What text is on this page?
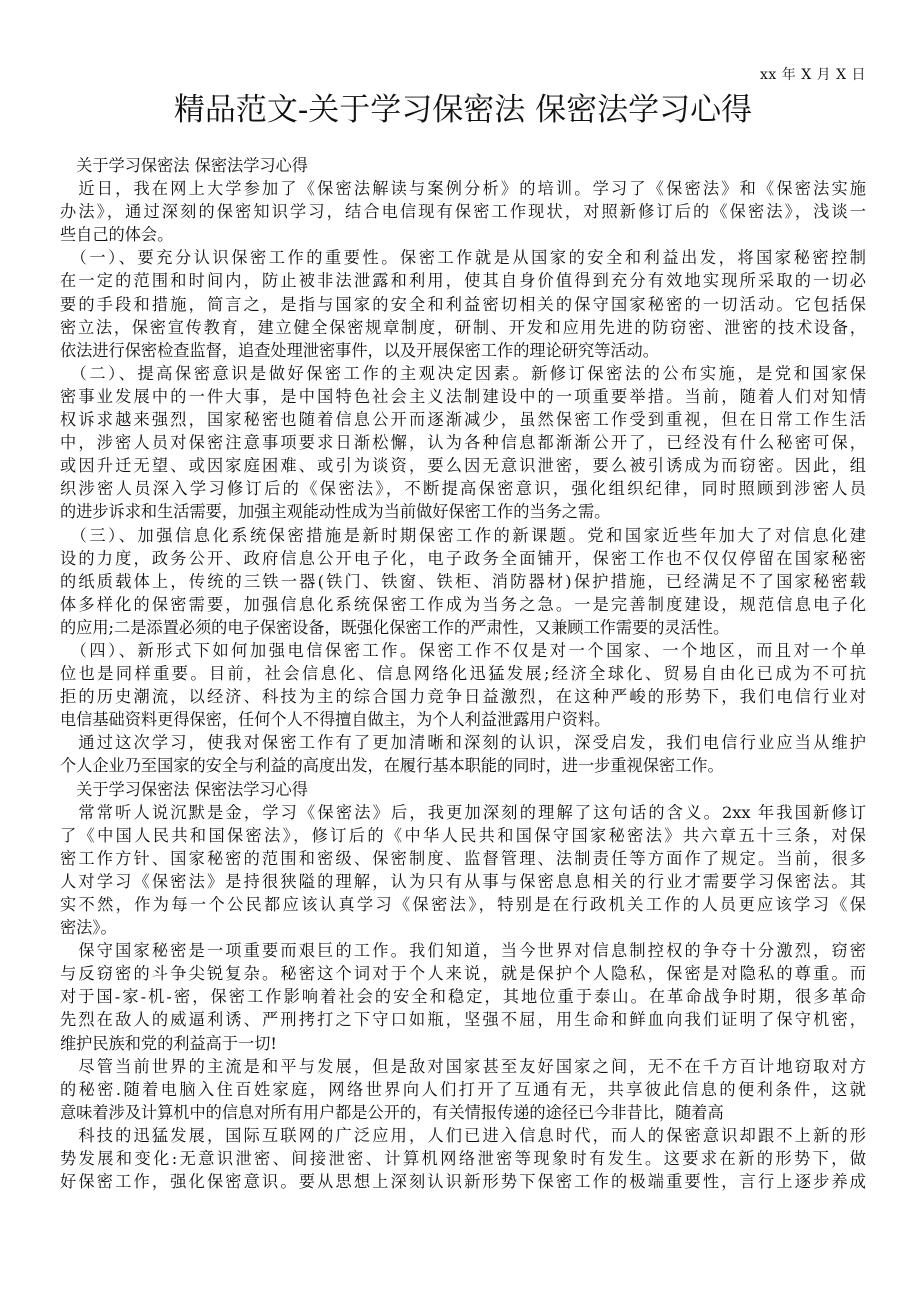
xx 年 X 月 X 日
精品范文-关于学习保密法 保密法学习心得
　关于学习保密法 保密法学习心得
　近日，我在网上大学参加了《保密法解读与案例分析》的培训。学习了《保密法》和《保密法实施
办法》，通过深刻的保密知识学习，结合电信现有保密工作现状，对照新修订后的《保密法》，浅谈一
些自己的体会。
　（一）、要充分认识保密工作的重要性。保密工作就是从国家的安全和利益出发，将国家秘密控制
在一定的范围和时间内，防止被非法泄露和利用，使其自身价值得到充分有效地实现所采取的一切必
要的手段和措施，简言之，是指与国家的安全和利益密切相关的保守国家秘密的一切活动。它包括保
密立法，保密宣传教育，建立健全保密规章制度，研制、开发和应用先进的防窃密、泄密的技术设备，
依法进行保密检查监督，追查处理泄密事件，以及开展保密工作的理论研究等活动。
　（二）、提高保密意识是做好保密工作的主观决定因素。新修订保密法的公布实施，是党和国家保
密事业发展中的一件大事，是中国特色社会主义法制建设中的一项重要举措。当前，随着人们对知情
权诉求越来强烈，国家秘密也随着信息公开而逐渐减少，虽然保密工作受到重视，但在日常工作生活
中，涉密人员对保密注意事项要求日渐松懈，认为各种信息都渐渐公开了，已经没有什么秘密可保，
或因升迁无望、或因家庭困难、或引为谈资，要么因无意识泄密，要么被引诱成为而窃密。因此，组
织涉密人员深入学习修订后的《保密法》，不断提高保密意识，强化组织纪律，同时照顾到涉密人员
的进步诉求和生活需要，加强主观能动性成为当前做好保密工作的当务之需。
　（三）、加强信息化系统保密措施是新时期保密工作的新课题。党和国家近些年加大了对信息化建
设的力度，政务公开、政府信息公开电子化，电子政务全面铺开，保密工作也不仅仅停留在国家秘密
的纸质载体上，传统的三铁一器(铁门、铁窗、铁柜、消防器材)保护措施，已经满足不了国家秘密载
体多样化的保密需要，加强信息化系统保密工作成为当务之急。一是完善制度建设，规范信息电子化
的应用;二是添置必须的电子保密设备，既强化保密工作的严肃性，又兼顾工作需要的灵活性。
　（四）、新形式下如何加强电信保密工作。保密工作不仅是对一个国家、一个地区，而且对一个单
位也是同样重要。目前，社会信息化、信息网络化迅猛发展;经济全球化、贸易自由化已成为不可抗
拒的历史潮流，以经济、科技为主的综合国力竞争日益激烈，在这种严峻的形势下，我们电信行业对
电信基础资料更得保密，任何个人不得擅自做主，为个人利益泄露用户资料。
　通过这次学习，使我对保密工作有了更加清晰和深刻的认识，深受启发，我们电信行业应当从维护
个人企业乃至国家的安全与利益的高度出发，在履行基本职能的同时，进一步重视保密工作。
　关于学习保密法 保密法学习心得
　常常听人说沉默是金，学习《保密法》后，我更加深刻的理解了这句话的含义。2xx 年我国新修订
了《中国人民共和国保密法》，修订后的《中华人民共和国保守国家秘密法》共六章五十三条，对保
密工作方针、国家秘密的范围和密级、保密制度、监督管理、法制责任等方面作了规定。当前，很多
人对学习《保密法》是持很狭隘的理解，认为只有从事与保密息息相关的行业才需要学习保密法。其
实不然，作为每一个公民都应该认真学习《保密法》，特别是在行政机关工作的人员更应该学习《保
密法》。
　保守国家秘密是一项重要而艰巨的工作。我们知道，当今世界对信息制控权的争夺十分激烈，窃密
与反窃密的斗争尖锐复杂。秘密这个词对于个人来说，就是保护个人隐私，保密是对隐私的尊重。而
对于国-家-机-密，保密工作影响着社会的安全和稳定，其地位重于泰山。在革命战争时期，很多革命
先烈在敌人的威逼利诱、严刑拷打之下守口如瓶，坚强不屈，用生命和鲜血向我们证明了保守机密，
维护民族和党的利益高于一切!
　尽管当前世界的主流是和平与发展，但是敌对国家甚至友好国家之间，无不在千方百计地窃取对方
的秘密.随着电脑入住百姓家庭，网络世界向人们打开了互通有无，共享彼此信息的便利条件，这就
意味着涉及计算机中的信息对所有用户都是公开的，有关情报传递的途径已今非昔比，随着高
　科技的迅猛发展，国际互联网的广泛应用，人们已进入信息时代，而人的保密意识却跟不上新的形
势发展和变化:无意识泄密、间接泄密、计算机网络泄密等现象时有发生。这要求在新的形势下，做
好保密工作，强化保密意识。要从思想上深刻认识新形势下保密工作的极端重要性，言行上逐步养成
